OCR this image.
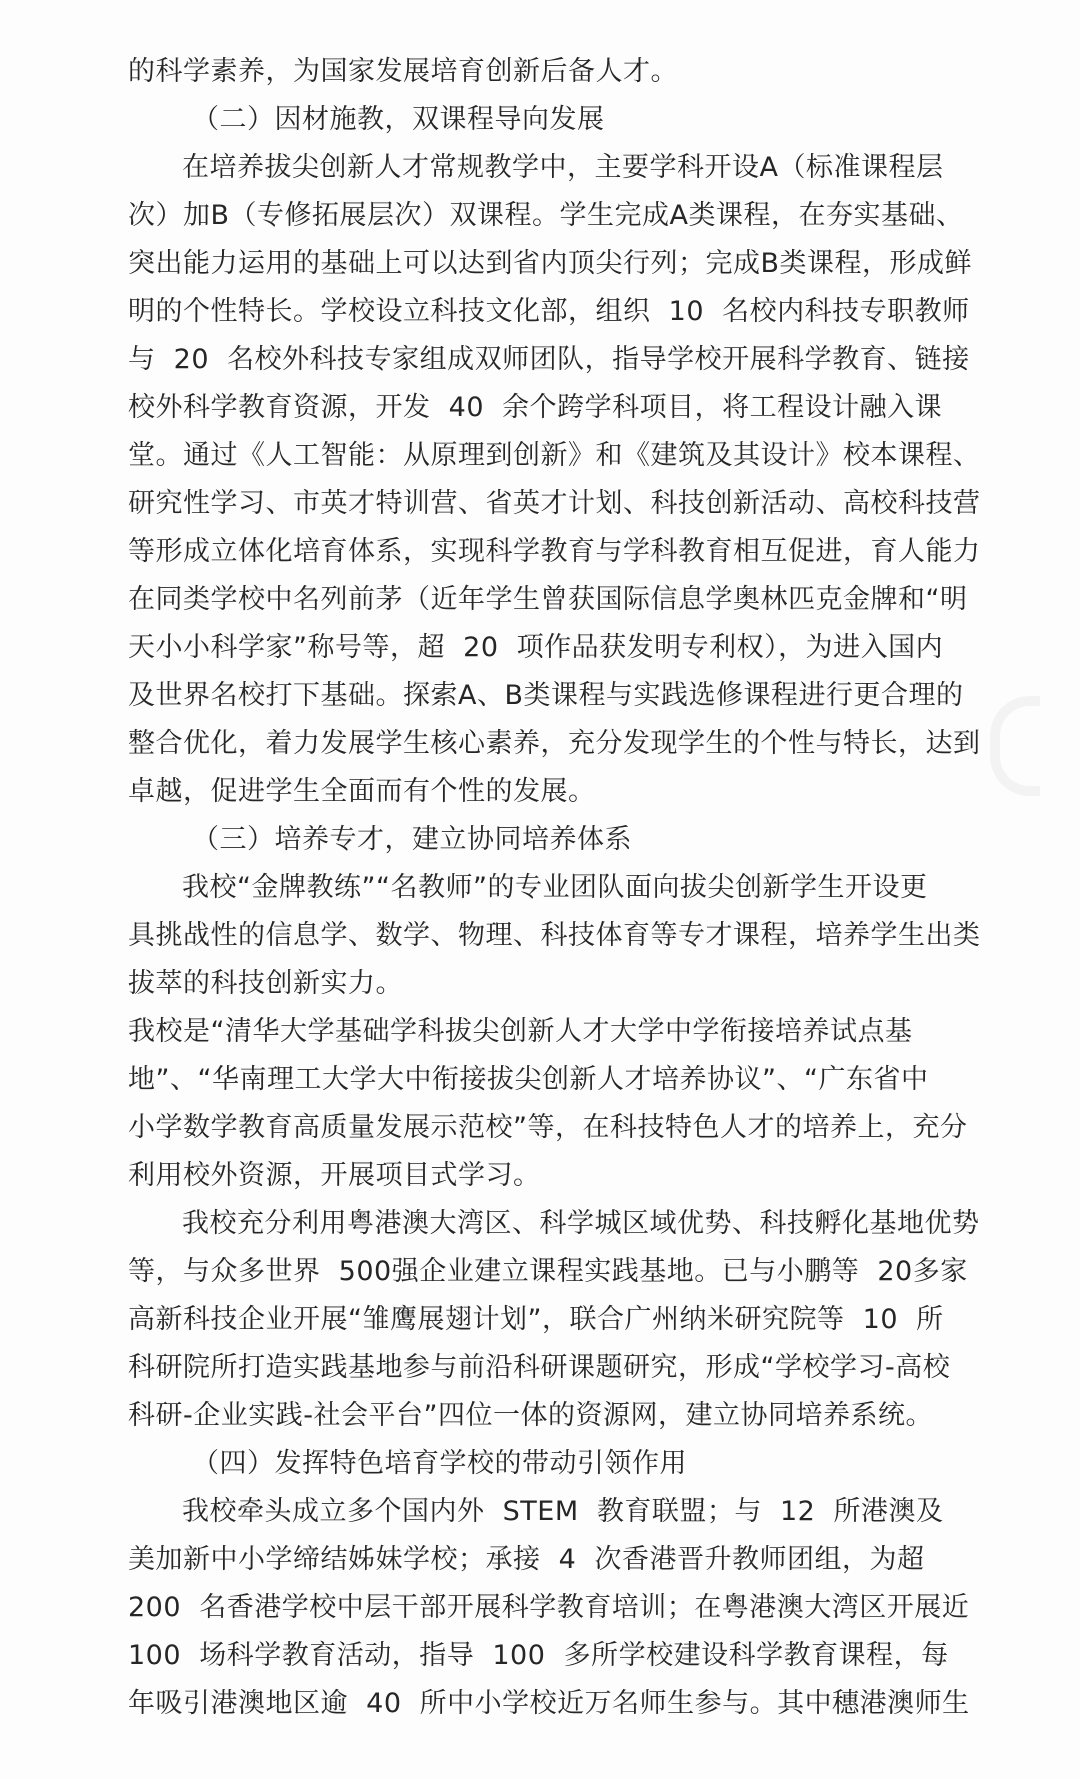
的科学素养，为国家发展培育创新后备人才。
（二）因材施教，双课程导向发展
在培养拔尖创新人才常规教学中，主要学科开设A（标准课程层
次）加B（专修拓展层次）双课程。学生完成A类课程，在夯实基础、
突出能力运用的基础上可以达到省内顶尖行列；完成B类课程，形成鲜
明的个性特长。学校设立科技文化部，组织  10  名校内科技专职教师
与  20  名校外科技专家组成双师团队，指导学校开展科学教育、链接
校外科学教育资源，开发  40  余个跨学科项目，将工程设计融入课
堂。通过《人工智能：从原理到创新》和《建筑及其设计》校本课程、
研究性学习、市英才特训营、省英才计划、科技创新活动、高校科技营
等形成立体化培育体系，实现科学教育与学科教育相互促进，育人能力
在同类学校中名列前茅（近年学生曾获国际信息学奥林匹克金牌和“明
天小小科学家”称号等，超  20  项作品获发明专利权），为进入国内
及世界名校打下基础。探索A、B类课程与实践选修课程进行更合理的
整合优化，着力发展学生核心素养，充分发现学生的个性与特长，达到
卓越，促进学生全面而有个性的发展。
（三）培养专才，建立协同培养体系
我校“金牌教练”“名教师”的专业团队面向拔尖创新学生开设更
具挑战性的信息学、数学、物理、科技体育等专才课程，培养学生出类
拔萃的科技创新实力。
我校是“清华大学基础学科拔尖创新人才大学中学衔接培养试点基
地”、“华南理工大学大中衔接拔尖创新人才培养协议”、“广东省中
小学数学教育高质量发展示范校”等，在科技特色人才的培养上，充分
利用校外资源，开展项目式学习。
我校充分利用粤港澳大湾区、科学城区域优势、科技孵化基地优势
等，与众多世界  500强企业建立课程实践基地。已与小鹏等  20多家
高新科技企业开展“雏鹰展翅计划”，联合广州纳米研究院等  10  所
科研院所打造实践基地参与前沿科研课题研究，形成“学校学习-高校
科研-企业实践-社会平台”四位一体的资源网，建立协同培养系统。
（四）发挥特色培育学校的带动引领作用
我校牵头成立多个国内外  STEM  教育联盟；与  12  所港澳及
美加新中小学缔结姊妹学校；承接  4  次香港晋升教师团组，为超
200  名香港学校中层干部开展科学教育培训；在粤港澳大湾区开展近
100  场科学教育活动，指导  100  多所学校建设科学教育课程，每
年吸引港澳地区逾  40  所中小学校近万名师生参与。其中穗港澳师生
